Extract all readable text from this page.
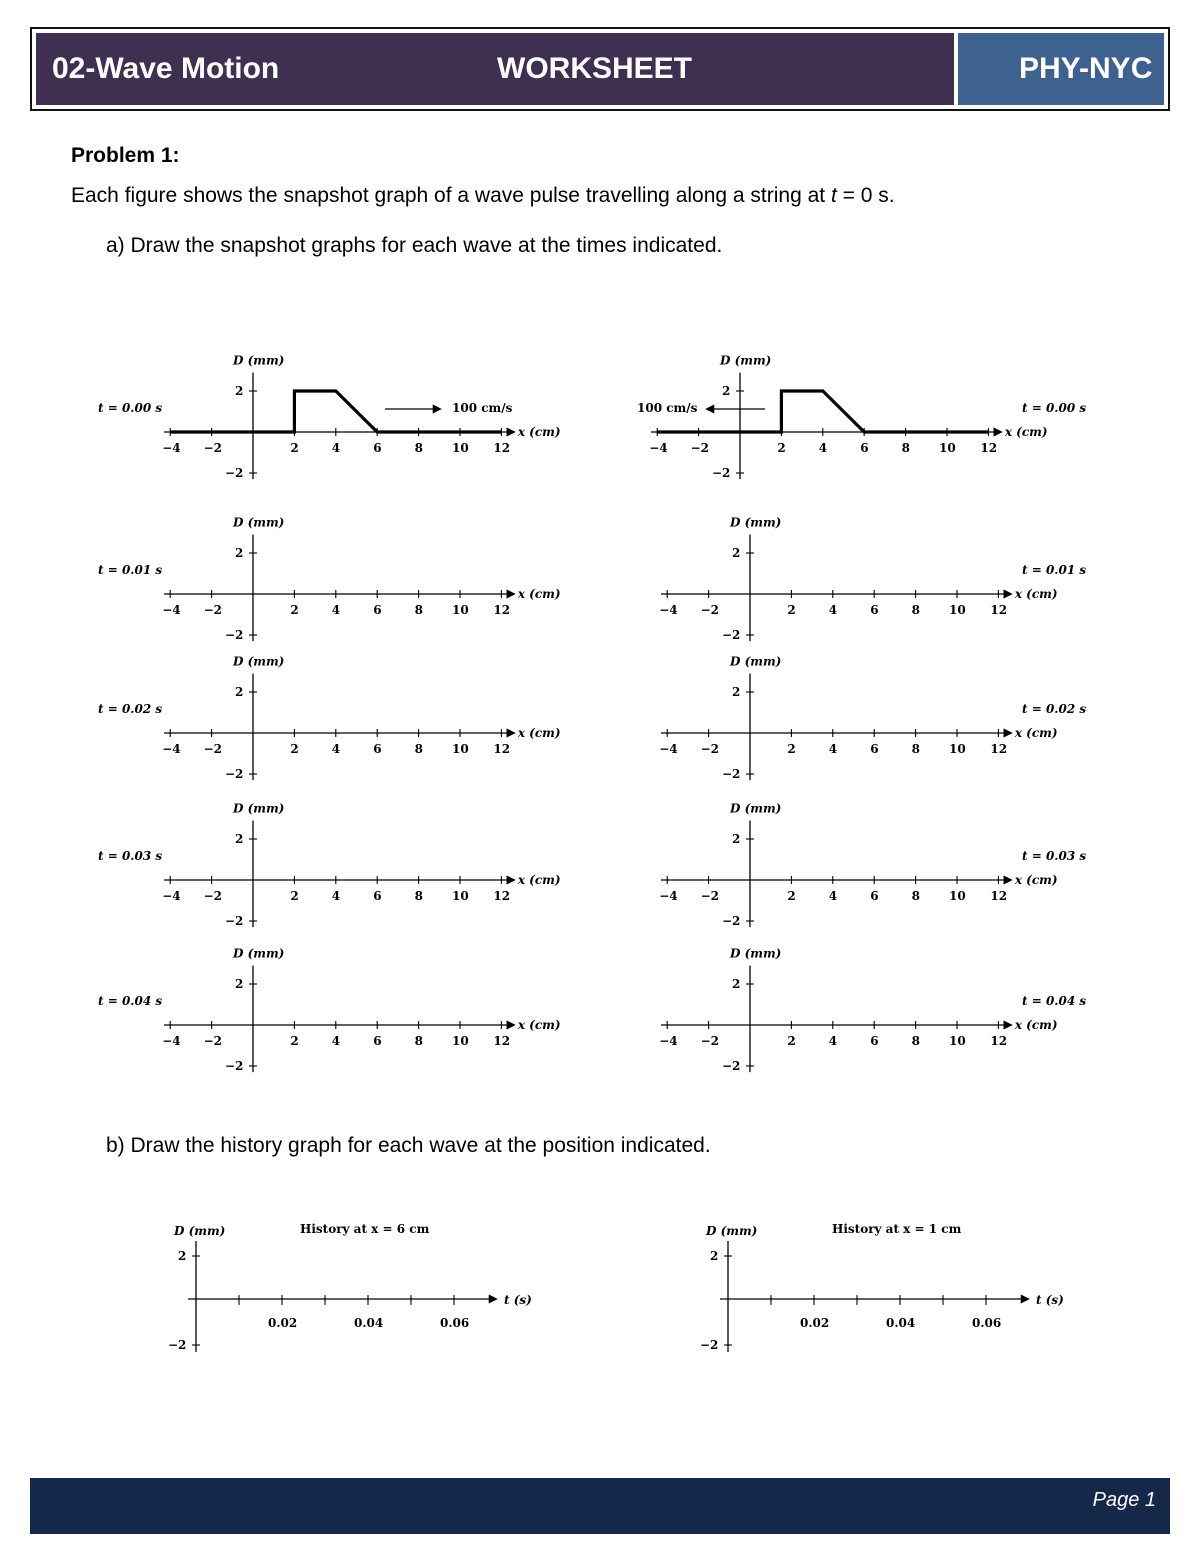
02-Wave Motion	WORKSHEET	PHY-NYC
Problem 1:
Each figure shows the snapshot graph of a wave pulse travelling along a string at t = 0 s.
a) Draw the snapshot graphs for each wave at the times indicated.
b) Draw the history graph for each wave at the position indicated.
2
−2
−4 −2	2	4	6	8 10 12
D (mm)
x (cm)
t = 0.00 s
2
−2
−4 −2	2	4	6	8 10 12
D (mm)
x (cm)
t = 0.00 s
2
−2
−4 −2	2	4	6	8 10 12
D (mm)
x (cm)
t = 0.01 s
2
−2
−4 −2	2	4	6	8 10 12
D (mm)
x (cm)
t = 0.01 s
2
−2
−4 −2	2	4	6	8 10 12
D (mm)
x (cm)
t = 0.02 s
2
−2
−4 −2	2	4	6	8 10 12
D (mm)
x (cm)
t = 0.02 s
2
−2
−4 −2	2	4	6	8 10 12
D (mm)
x (cm)
t = 0.03 s
2
−2
−4 −2	2	4	6	8 10 12
D (mm)
x (cm)
t = 0.03 s
2
−2
−4 −2	2	4	6	8 10 12
D (mm)
x (cm)
t = 0.04 s
2
−2
−4 −2	2	4	6	8 10 12
D (mm)
x (cm)
t = 0.04 s
100 cm/s	100 cm/s
2
−2
0.02	0.04	0.06
D (mm)
t (s)
History at x = 6 cm
2
−2
0.02	0.04	0.06
D (mm)
t (s)
History at x = 1 cm
Page 1
